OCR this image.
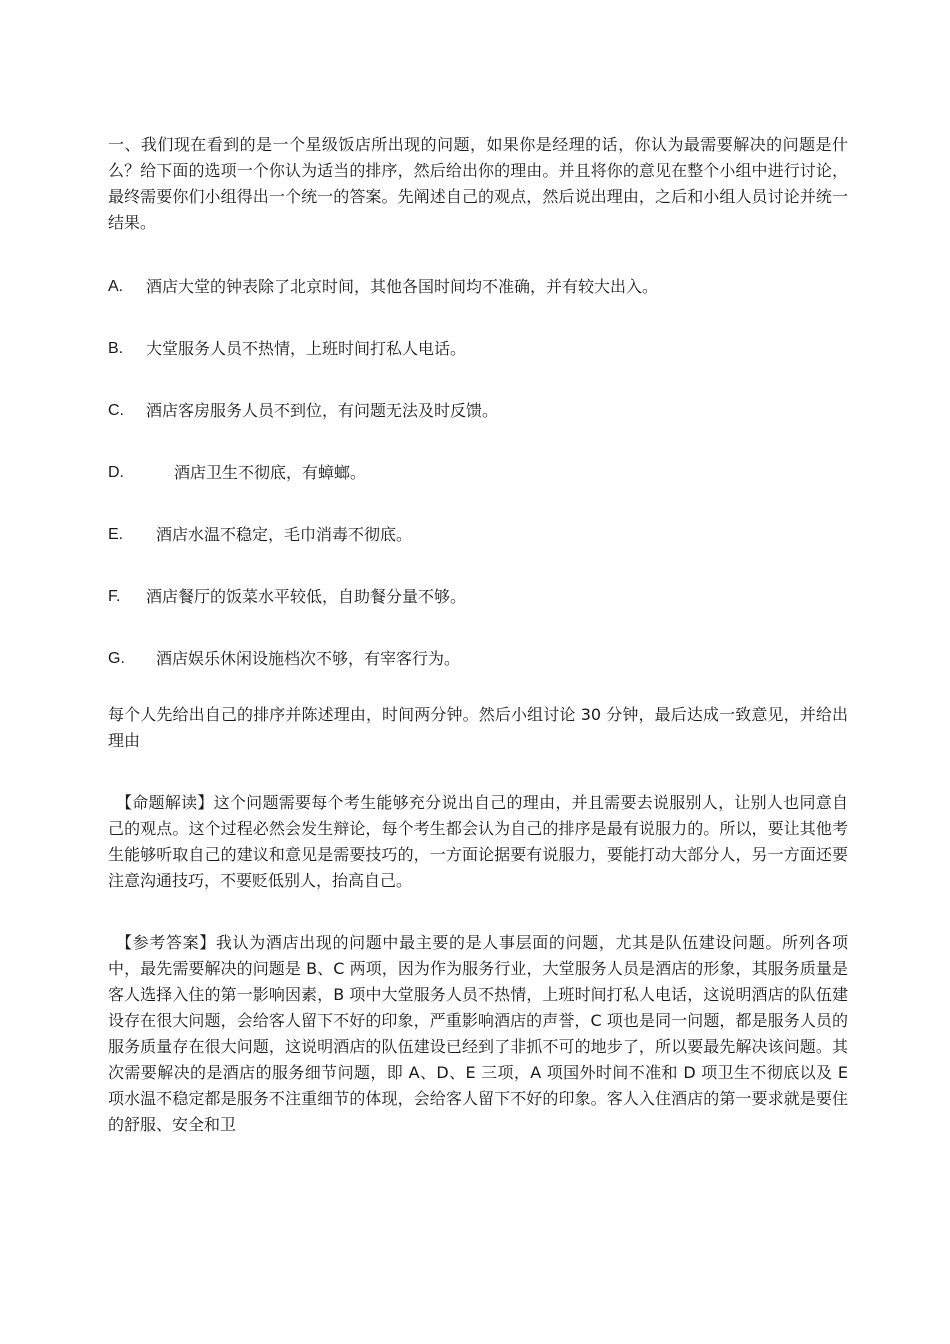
一、我们现在看到的是一个星级饭店所出现的问题，如果你是经理的话，你认为最需要解决的问题是什么？给下面的选项一个你认为适当的排序，然后给出你的理由。并且将你的意见在整个小组中进行讨论，最终需要你们小组得出一个统一的答案。先阐述自己的观点，然后说出理由，之后和小组人员讨论并统一结果。

A.	酒店大堂的钟表除了北京时间，其他各国时间均不准确，并有较大出入。
B.	大堂服务人员不热情，上班时间打私人电话。
C.	酒店客房服务人员不到位，有问题无法及时反馈。
D.	酒店卫生不彻底，有蟑螂。
E.	酒店水温不稳定，毛巾消毒不彻底。
F.	酒店餐厅的饭菜水平较低，自助餐分量不够。
G.	酒店娱乐休闲设施档次不够，有宰客行为。

每个人先给出自己的排序并陈述理由，时间两分钟。然后小组讨论 30 分钟，最后达成一致意见，并给出理由

【命题解读】这个问题需要每个考生能够充分说出自己的理由，并且需要去说服别人，让别人也同意自己的观点。这个过程必然会发生辩论，每个考生都会认为自己的排序是最有说服力的。所以，要让其他考生能够听取自己的建议和意见是需要技巧的，一方面论据要有说服力，要能打动大部分人，另一方面还要注意沟通技巧，不要贬低别人，抬高自己。

【参考答案】我认为酒店出现的问题中最主要的是人事层面的问题，尤其是队伍建设问题。所列各项中，最先需要解决的问题是 B、C 两项，因为作为服务行业，大堂服务人员是酒店的形象，其服务质量是客人选择入住的第一影响因素，B 项中大堂服务人员不热情，上班时间打私人电话，这说明酒店的队伍建设存在很大问题，会给客人留下不好的印象，严重影响酒店的声誉，C 项也是同一问题，都是服务人员的服务质量存在很大问题，这说明酒店的队伍建设已经到了非抓不可的地步了，所以要最先解决该问题。其次需要解决的是酒店的服务细节问题，即 A、D、E 三项，A 项国外时间不准和 D 项卫生不彻底以及 E 项水温不稳定都是服务不注重细节的体现，会给客人留下不好的印象。客人入住酒店的第一要求就是要住的舒服、安全和卫
